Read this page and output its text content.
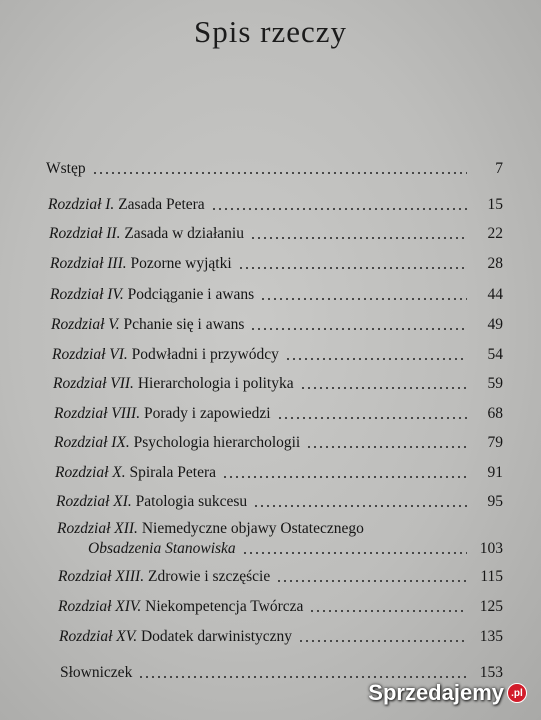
Spis rzeczy
Wstęp	7
Rozdział I. Zasada Petera	15
Rozdział II. Zasada w działaniu	22
Rozdział III. Pozorne wyjątki	28
Rozdział IV. Podciąganie i awans	44
Rozdział V. Pchanie się i awans	49
Rozdział VI. Podwładni i przywódcy	54
Rozdział VII. Hierarchologia i polityka	59
Rozdział VIII. Porady i zapowiedzi	68
Rozdział IX. Psychologia hierarchologii	79
Rozdział X. Spirala Petera	91
Rozdział XI. Patologia sukcesu	95
Rozdział XII. Niemedyczne objawy Ostatecznego
Obsadzenia Stanowiska	103
Rozdział XIII. Zdrowie i szczęście	115
Rozdział XIV. Niekompetencja Twórcza	125
Rozdział XV. Dodatek darwinistyczny	135
Słowniczek	153
Sprzedajemy .pl
